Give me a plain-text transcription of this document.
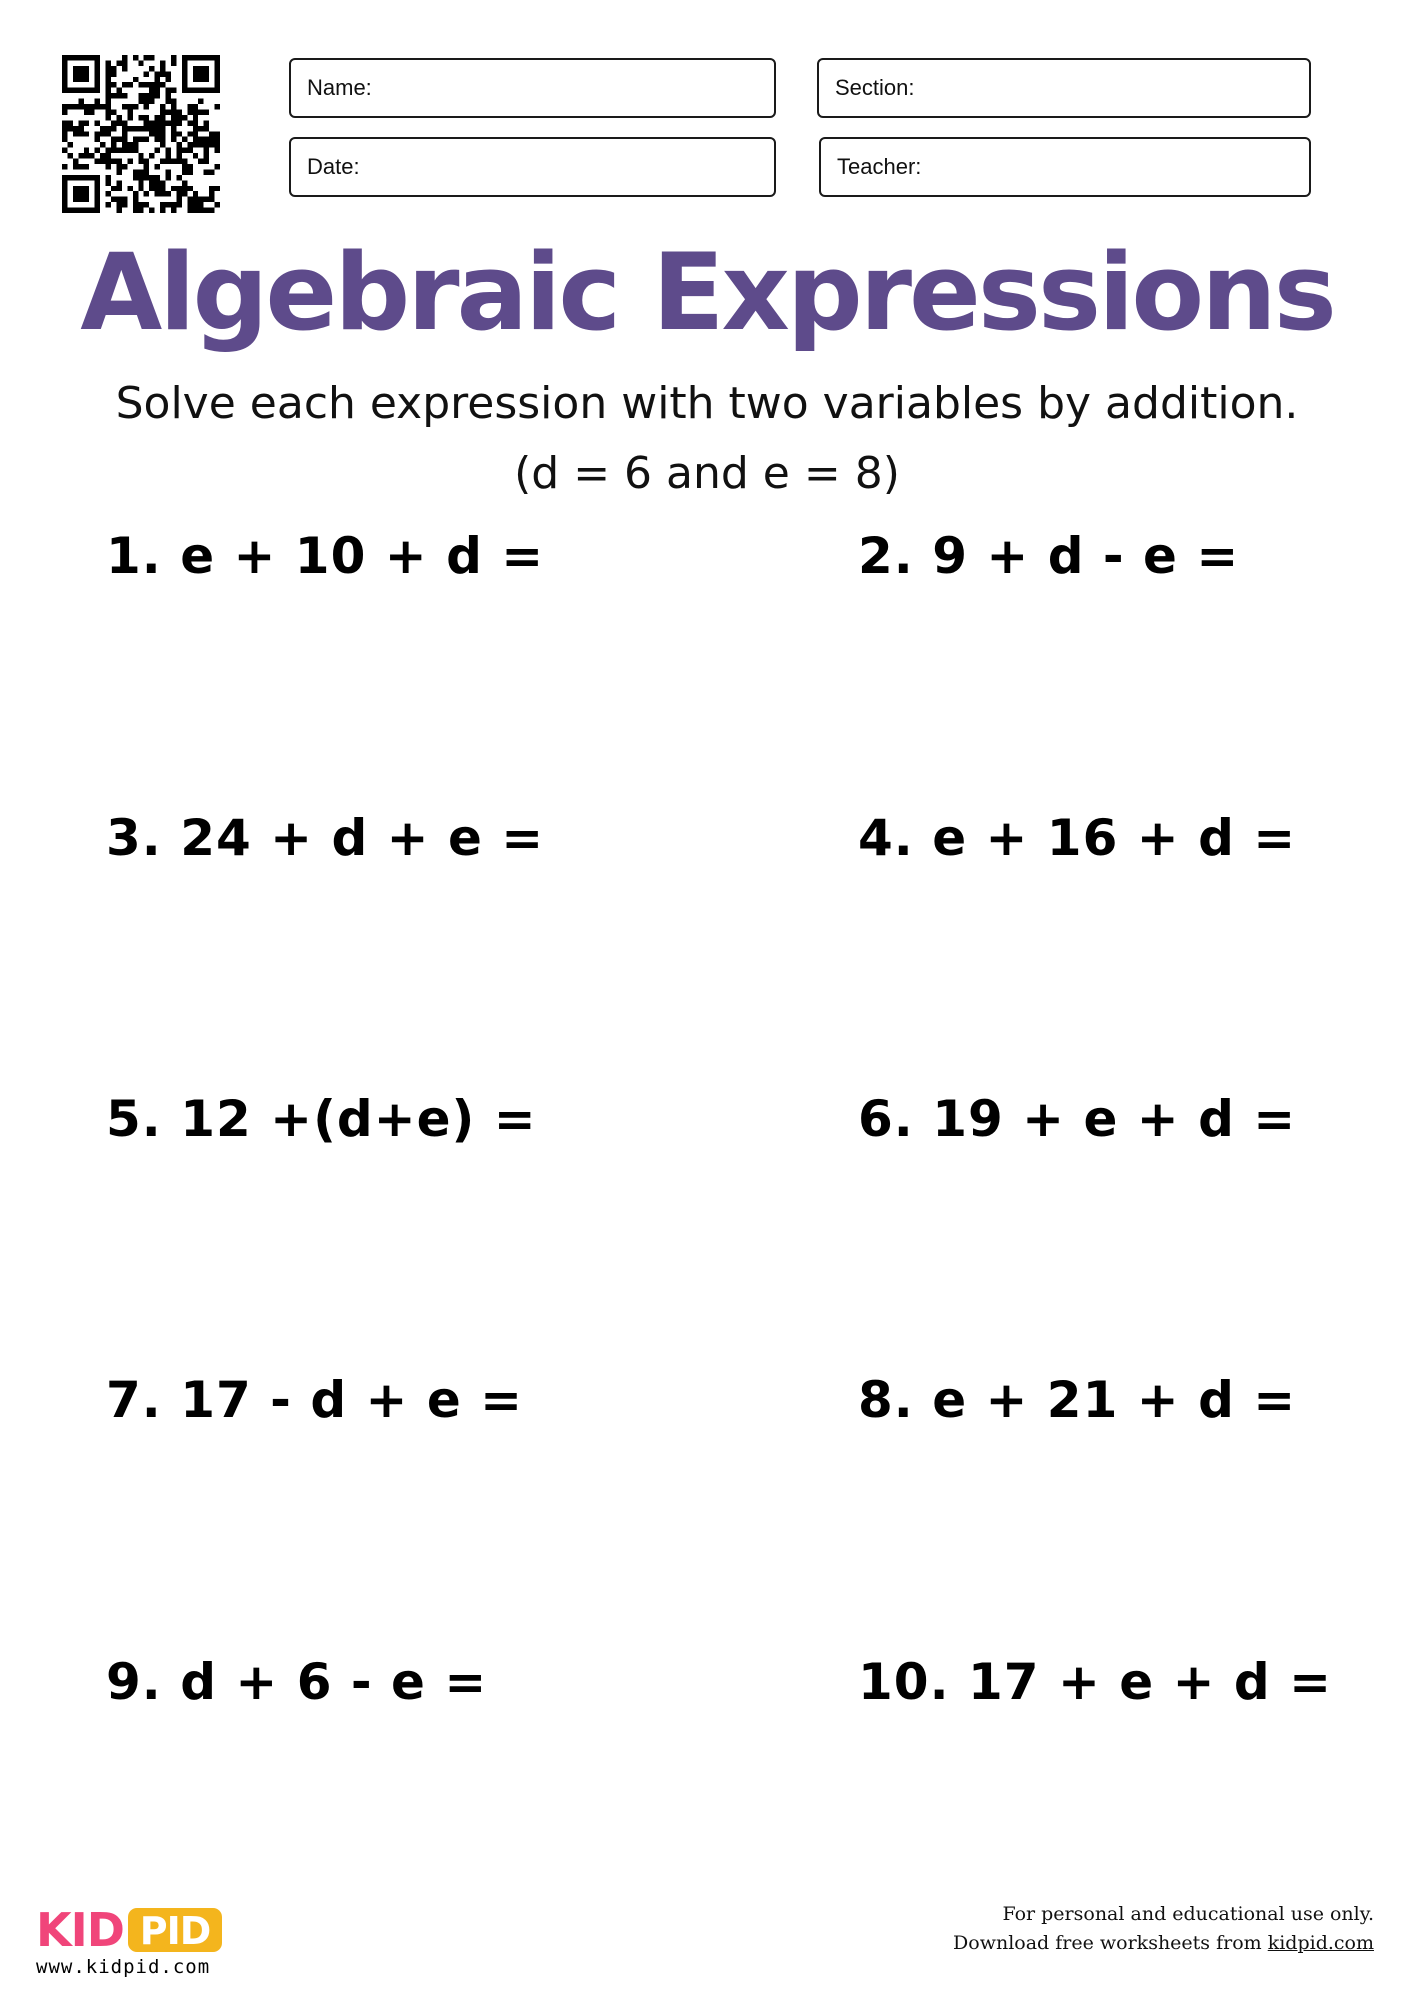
Name:	Section:
Date:	Teacher:
Algebraic Expressions
Solve each expression with two variables by addition.
(d = 6 and e = 8)
1. e + 10 + d =	2. 9 + d - e =
3. 24 + d + e =	4. e + 16 + d =
5. 12 +(d+e) =	6. 19 + e + d =
7. 17 - d + e =	8. e + 21 + d =
9. d + 6 - e =	10. 17 + e + d =
KID PID
www.kidpid.com
For personal and educational use only.
Download free worksheets from kidpid.com
